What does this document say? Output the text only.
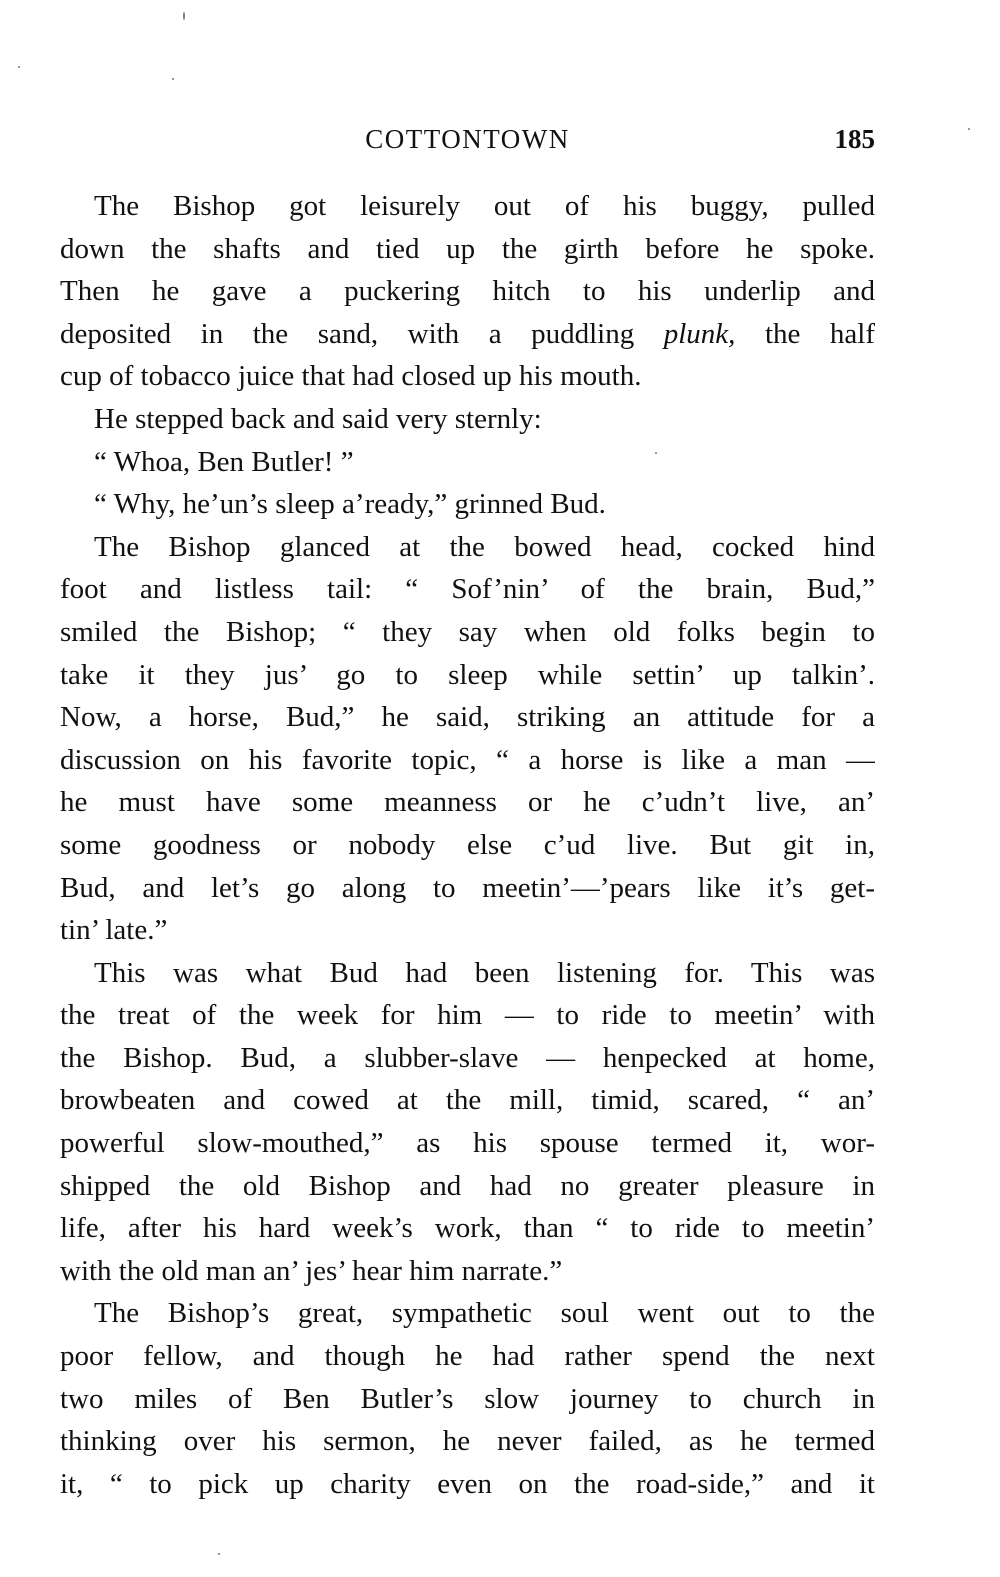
COTTONTOWN	185
The Bishop got leisurely out of his buggy, pulled
down the shafts and tied up the girth before he spoke.
Then he gave a puckering hitch to his underlip and
deposited in the sand, with a puddling plunk, the half
cup of tobacco juice that had closed up his mouth.
He stepped back and said very sternly:
“ Whoa, Ben Butler! ”
“ Why, he’un’s sleep a’ready,” grinned Bud.
The Bishop glanced at the bowed head, cocked hind
foot and listless tail: “ Sof’nin’ of the brain, Bud,”
smiled the Bishop; “ they say when old folks begin to
take it they jus’ go to sleep while settin’ up talkin’.
Now, a horse, Bud,” he said, striking an attitude for a
discussion on his favorite topic, “ a horse is like a man —
he must have some meanness or he c’udn’t live, an’
some goodness or nobody else c’ud live. But git in,
Bud, and let’s go along to meetin’—’pears like it’s get-
tin’ late.”
This was what Bud had been listening for. This was
the treat of the week for him — to ride to meetin’ with
the Bishop. Bud, a slubber-slave — henpecked at home,
browbeaten and cowed at the mill, timid, scared, “ an’
powerful slow-mouthed,” as his spouse termed it, wor-
shipped the old Bishop and had no greater pleasure in
life, after his hard week’s work, than “ to ride to meetin’
with the old man an’ jes’ hear him narrate.”
The Bishop’s great, sympathetic soul went out to the
poor fellow, and though he had rather spend the next
two miles of Ben Butler’s slow journey to church in
thinking over his sermon, he never failed, as he termed
it, “ to pick up charity even on the road-side,” and it
